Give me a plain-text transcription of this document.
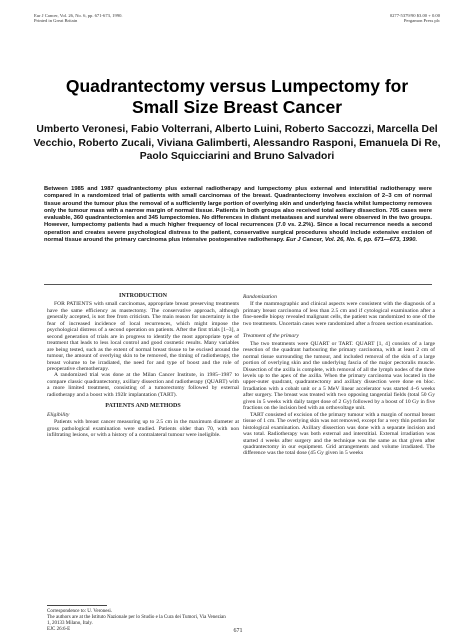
Eur J Cancer, Vol. 26, No. 6, pp. 671-673, 1990.
Printed in Great Britain
0277-5379/90 $3.00 + 0.00
Pergamon Press plc
Quadrantectomy versus Lumpectomy for Small Size Breast Cancer
Umberto Veronesi, Fabio Volterrani, Alberto Luini, Roberto Saccozzi, Marcella Del Vecchio, Roberto Zucali, Viviana Galimberti, Alessandro Rasponi, Emanuela Di Re, Paolo Squicciarini and Bruno Salvadori
Between 1985 and 1987 quadrantectomy plus external radiotherapy and lumpectomy plus external and interstitial radiotherapy were compared in a randomized trial of patients with small carcinomas of the breast. Quadrantectomy involves excision of 2–3 cm of normal tissue around the tumour plus the removal of a sufficiently large portion of overlying skin and underlying fascia whilst lumpectomy removes only the tumour mass with a narrow margin of normal tissue. Patients in both groups also received total axillary dissection. 705 cases were evaluable, 360 quadrantectomies and 345 lumpectomies. No differences in distant metastases and survival were observed in the two groups. However, lumpectomy patients had a much higher frequency of local recurrences (7.0 vs. 2.2%). Since a local recurrence needs a second operation and creates severe psychological distress to the patient, conservative surgical procedures should include extensive excision of normal tissue around the primary carcinoma plus intensive postoperative radiotherapy. Eur J Cancer, Vol. 26, No. 6, pp. 671—673, 1990.
INTRODUCTION

FOR PATIENTS with small carcinomas, appropriate breast preserving treatments have the same efficiency as mastectomy. The conservative approach, although generally accepted, is not free from criticism. The main reason for uncertainty is the fear of increased incidence of local recurrences, which might impose the psychological distress of a second operation on patients. After the first trials [1–3], a second generation of trials are in progress to identify the most appropriate type of treatment that leads to less local control and good cosmetic results. Many variables are being tested, such as the extent of normal breast tissue to be excised around the tumour, the amount of overlying skin to be removed, the timing of radiotherapy, the breast volume to be irradiated, the need for and type of boost and the role of preoperative chemotherapy.

A randomized trial was done at the Milan Cancer Institute, in 1985–1987 to compare classic quadrantectomy, axillary dissection and radiotherapy (QUART) with a more limited treatment, consisting of a tumorectomy followed by external radiotherapy and a boost with 192Ir implantation (TART).

PATIENTS AND METHODS
Eligibility

Patients with breast cancer measuring up to 2.5 cm in the maximum diameter at gross pathological examination were studied. Patients older than 70, with non infiltrating lesions, or with a history of a contralateral tumour were ineligible.

Randomization

If the mammographic and clinical aspects were consistent with the diagnosis of a primary breast carcinoma of less than 2.5 cm and if cytological examination after a fine-needle biopsy revealed malignant cells, the patient was randomized to one of the two treatments. Uncertain cases were randomized after a frozen section examination.

Treatment of the primary

The two treatments were QUART or TART. QUART [1, 4] consists of a large resection of the quadrant harbouring the primary carcinoma, with at least 2 cm of normal tissue surrounding the tumour, and included removal of the skin of a large portion of overlying skin and the underlying fascia of the major pectoralis muscle. Dissection of the axilla is complete, with removal of all the lymph nodes of the three levels up to the apex of the axilla. When the primary carcinoma was located in the upper-outer quadrant, quadrantectomy and axillary dissection were done en bloc. Irradiation with a cobalt unit or a 5 MeV linear accelerator was started 4–6 weeks after surgery. The breast was treated with two opposing tangential fields (total 50 Gy given in 5 weeks with daily target dose of 2 Gy) followed by a boost of 10 Gy in five fractions on the incision bed with an orthovoltage unit.

TART consisted of excision of the primary tumour with a margin of normal breast tissue of 1 cm. The overlying skin was not removed, except for a very thin portion for histological examination. Axillary dissection was done with a separate incision and was total. Radiotherapy was both external and interstitial. External irradiation was started 4 weeks after surgery and the technique was the same as that given after quadrantectomy in our equipment. Grid arrangements and volume irradiated. The difference was the total dose (45 Gy given in 5 weeks

Correspondence to: U. Veronesi.
The authors are at the Istituto Nazionale per lo Studio e la Cura dei Tumori, Via Venezian 1, 20133 Milano, Italy.
EJC 26:6-E	671
